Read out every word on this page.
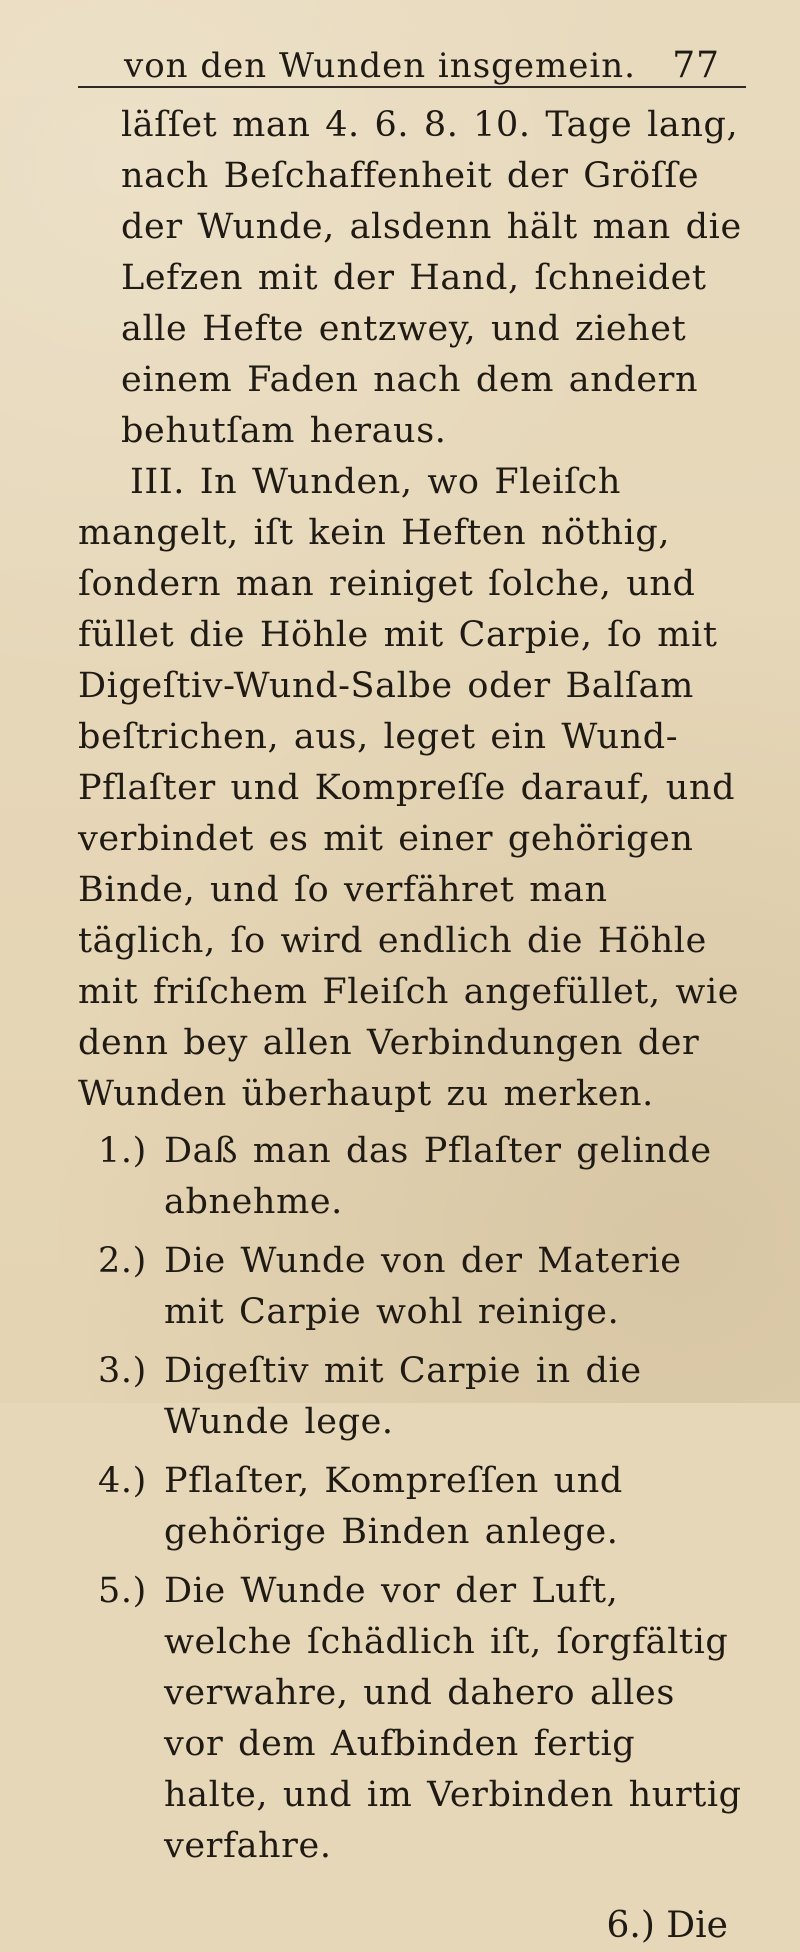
von den Wunden insgemein. 77

läſſet man 4. 6. 8. 10. Tage lang, nach Beſchaffenheit der Gröſſe der Wunde, alsdenn hält man die Lefzen mit der Hand, ſchneidet alle Hefte entzwey, und ziehet einem Faden nach dem andern behutſam heraus.

III. In Wunden, wo Fleiſch mangelt, iſt kein Heften nöthig, ſondern man reiniget ſolche, und füllet die Höhle mit Carpie, ſo mit Digeſtiv-Wund-Salbe oder Balſam beſtrichen, aus, leget ein Wund-Pflaſter und Kompreſſe darauf, und verbindet es mit einer gehörigen Binde, und ſo verfähret man täglich, ſo wird endlich die Höhle mit friſchem Fleiſch angefüllet, wie denn bey allen Verbindungen der Wunden überhaupt zu merken.

1.) Daß man das Pflaſter gelinde abnehme.
2.) Die Wunde von der Materie mit Carpie wohl reinige.
3.) Digeſtiv mit Carpie in die Wunde lege.
4.) Pflaſter, Kompreſſen und gehörige Binden anlege.
5.) Die Wunde vor der Luft, welche ſchädlich iſt, ſorgfältig verwahre, und dahero alles vor dem Aufbinden fertig halte, und im Verbinden hurtig verfahre.
6.) Die
